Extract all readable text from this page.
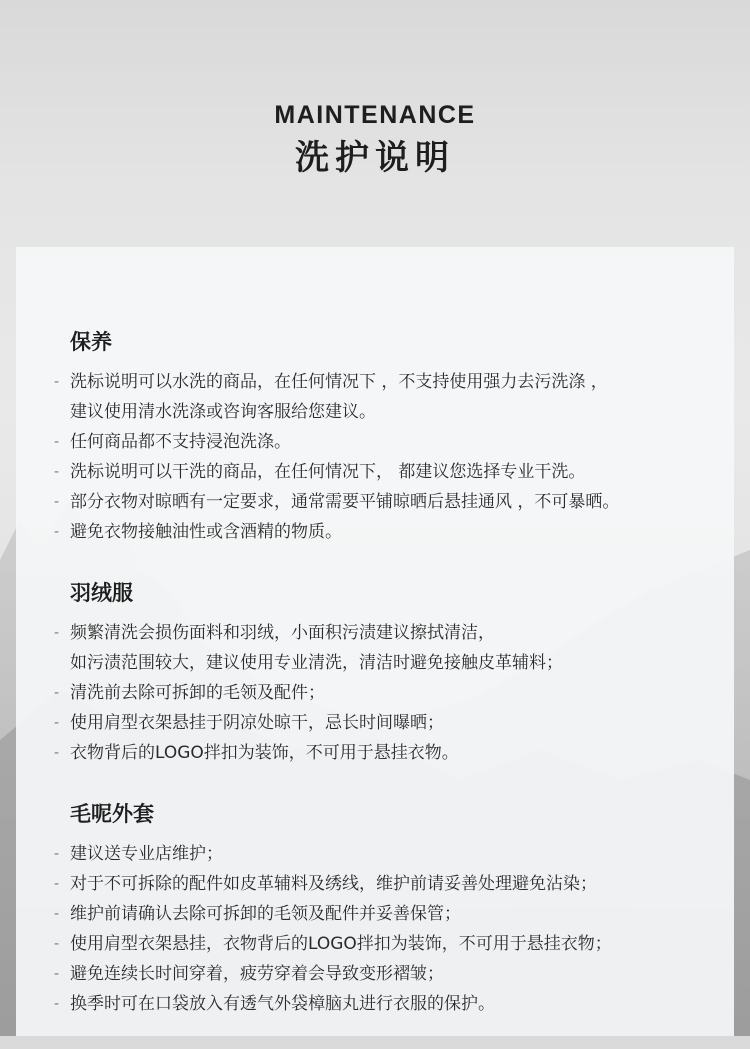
MAINTENANCE
洗护说明
保养
- 洗标说明可以水洗的商品，在任何情况下 ，不支持使用强力去污洗涤 ，
建议使用清水洗涤或咨询客服给您建议。
- 任何商品都不支持浸泡洗涤。
- 洗标说明可以干洗的商品，在任何情况下， 都建议您选择专业干洗。
- 部分衣物对晾晒有一定要求，通常需要平铺晾晒后悬挂通风 ，不可暴晒。
- 避免衣物接触油性或含酒精的物质。
羽绒服
- 频繁清洗会损伤面料和羽绒，小面积污渍建议擦拭清洁，
如污渍范围较大，建议使用专业清洗，清洁时避免接触皮革辅料；
- 清洗前去除可拆卸的毛领及配件；
- 使用肩型衣架悬挂于阴凉处晾干，忌长时间曝晒；
- 衣物背后的LOGO拌扣为装饰，不可用于悬挂衣物。
毛呢外套
- 建议送专业店维护；
- 对于不可拆除的配件如皮革辅料及绣线，维护前请妥善处理避免沾染；
- 维护前请确认去除可拆卸的毛领及配件并妥善保管；
- 使用肩型衣架悬挂，衣物背后的LOGO拌扣为装饰，不可用于悬挂衣物；
- 避免连续长时间穿着，疲劳穿着会导致变形褶皱；
- 换季时可在口袋放入有透气外袋樟脑丸进行衣服的保护。
